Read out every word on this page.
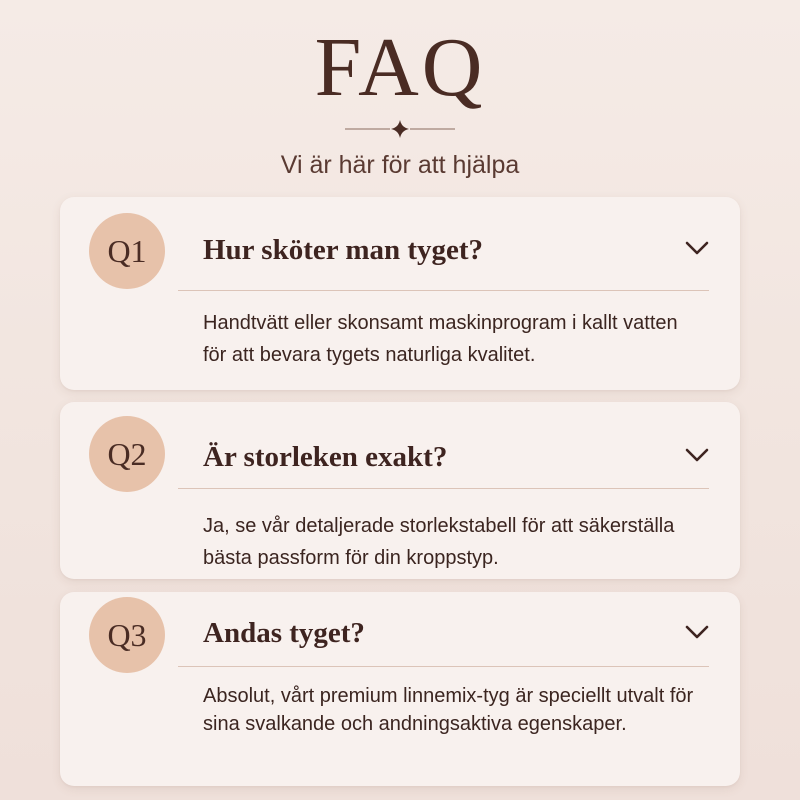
FAQ
Vi är här för att hjälpa
Q1	Hur sköter man tyget?
Handtvätt eller skonsamt maskinprogram i kallt vatten för att bevara tygets naturliga kvalitet.
Q2	Är storleken exakt?
Ja, se vår detaljerade storlekstabell för att säkerställa bästa passform för din kroppstyp.
Q3	Andas tyget?
Absolut, vårt premium linnemix-tyg är speciellt utvalt för sina svalkande och andningsaktiva egenskaper.
